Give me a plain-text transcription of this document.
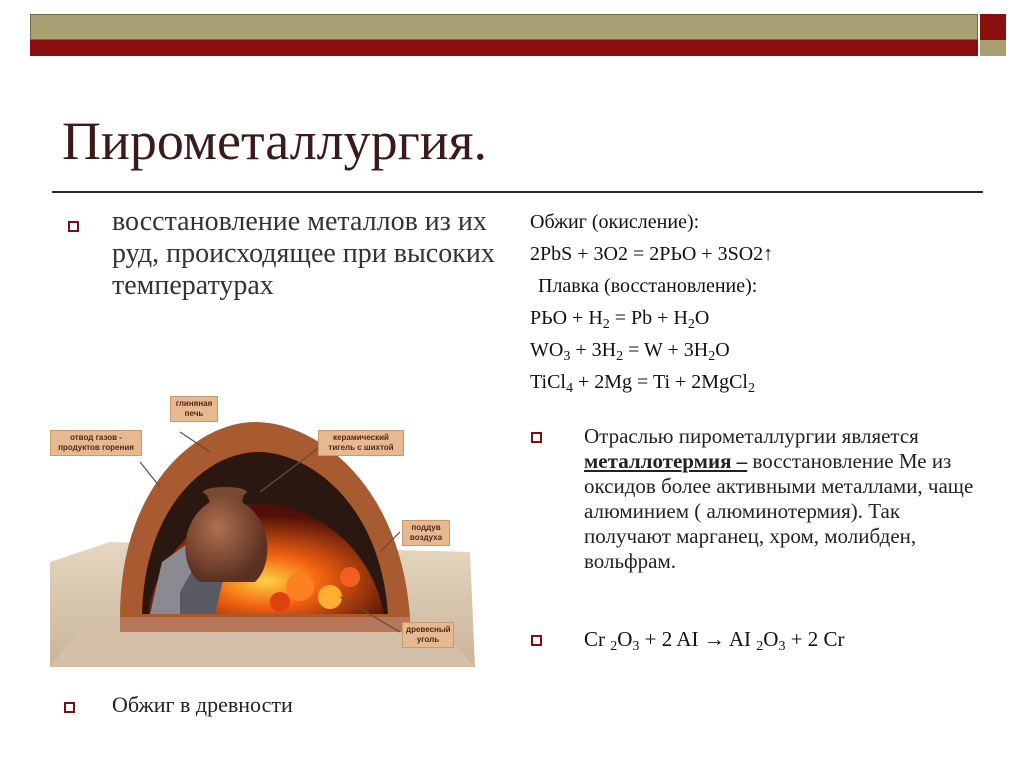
Пирометаллургия.
восстановление металлов из их руд, происходящее при высоких температурах
глиняная печь
отвод газов - продуктов горения
керамический тигель с шихтой
поддув воздуха
древесный уголь
Обжиг в древности
Обжиг (окисление):
2PbS + 3O2 = 2PЬO + 3SO2↑
Плавка (восстановление):
PЬO + $H_2 = Pb + H_2O$
$WO_3 + 3H_2 = W + 3H_2O$
TiCl$_4$ + 2Mg = Ti + 2MgCl$_2$
Отраслью пирометаллургии является металлотермия – восстановление Ме из оксидов более активными металлами, чаще алюминием ( алюминотермия). Так получают марганец, хром, молибден, вольфрам.
Cr $_2O_3 + 2$ AI → AI $_2O_3 + 2$ Cr
